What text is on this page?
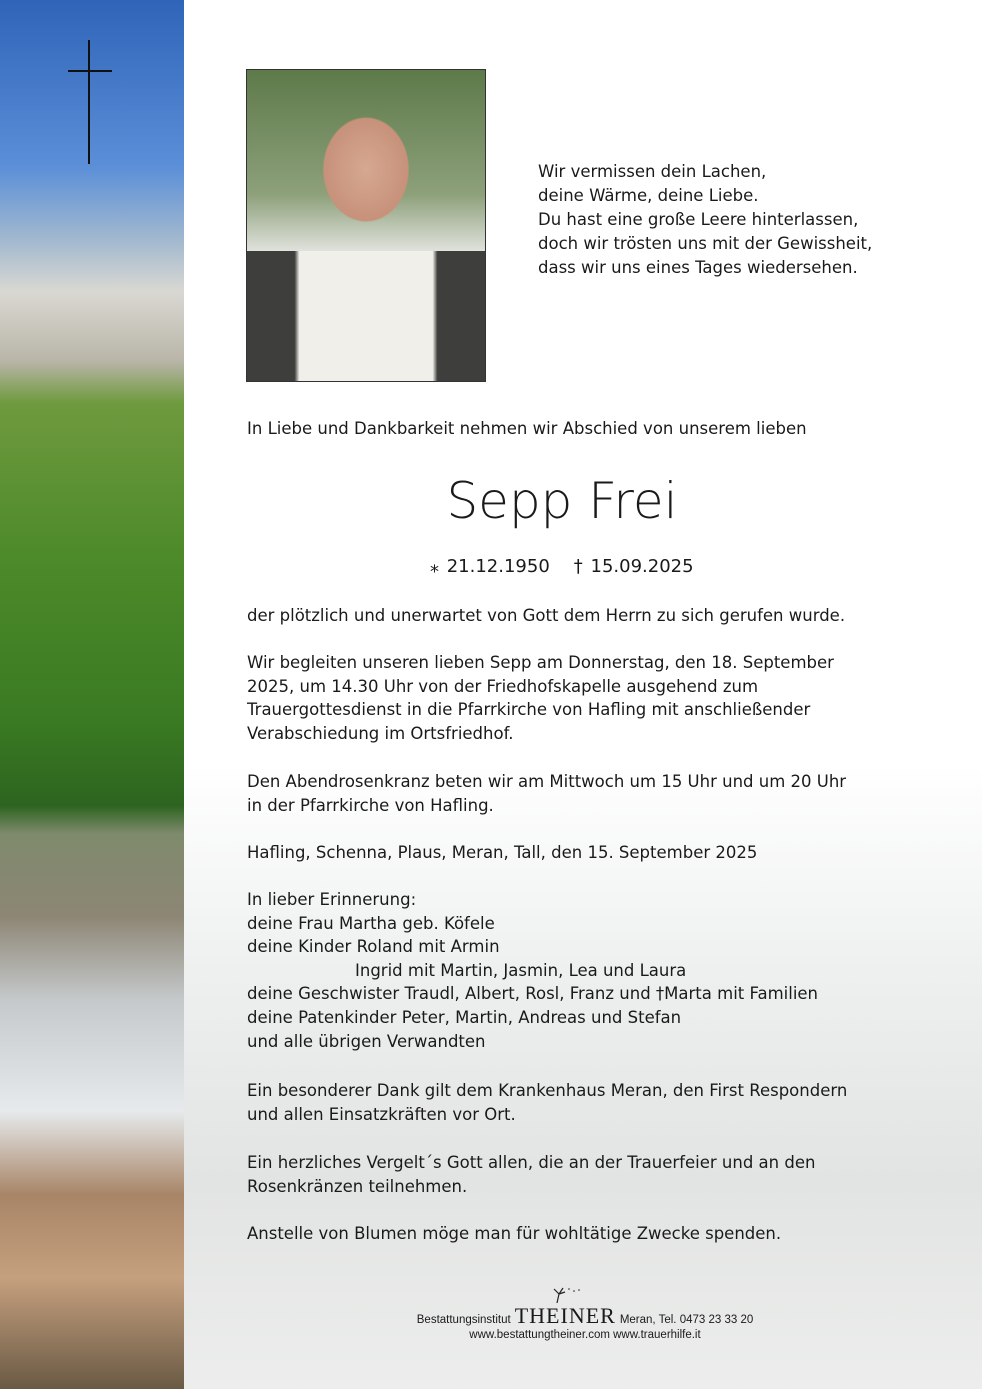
Wir vermissen dein Lachen,
deine Wärme, deine Liebe.
Du hast eine große Leere hinterlassen,
doch wir trösten uns mit der Gewissheit,
dass wir uns eines Tages wiedersehen.
In Liebe und Dankbarkeit nehmen wir Abschied von unserem lieben
Sepp Frei
⁎ 21.12.1950 † 15.09.2025
der plötzlich und unerwartet von Gott dem Herrn zu sich gerufen wurde.
Wir begleiten unseren lieben Sepp am Donnerstag, den 18. September
2025, um 14.30 Uhr von der Friedhofskapelle ausgehend zum
Trauergottesdienst in die Pfarrkirche von Hafling mit anschließender
Verabschiedung im Ortsfriedhof.
Den Abendrosenkranz beten wir am Mittwoch um 15 Uhr und um 20 Uhr
in der Pfarrkirche von Hafling.
Hafling, Schenna, Plaus, Meran, Tall, den 15. September 2025
In lieber Erinnerung:
deine Frau Martha geb. Köfele
deine Kinder Roland mit Armin
Ingrid mit Martin, Jasmin, Lea und Laura
deine Geschwister Traudl, Albert, Rosl, Franz und †Marta mit Familien
deine Patenkinder Peter, Martin, Andreas und Stefan
und alle übrigen Verwandten
Ein besonderer Dank gilt dem Krankenhaus Meran, den First Respondern
und allen Einsatzkräften vor Ort.
Ein herzliches Vergelt´s Gott allen, die an der Trauerfeier und an den
Rosenkränzen teilnehmen.
Anstelle von Blumen möge man für wohltätige Zwecke spenden.
Bestattungsinstitut THEINER Meran, Tel. 0473 23 33 20
www.bestattungtheiner.com www.trauerhilfe.it
